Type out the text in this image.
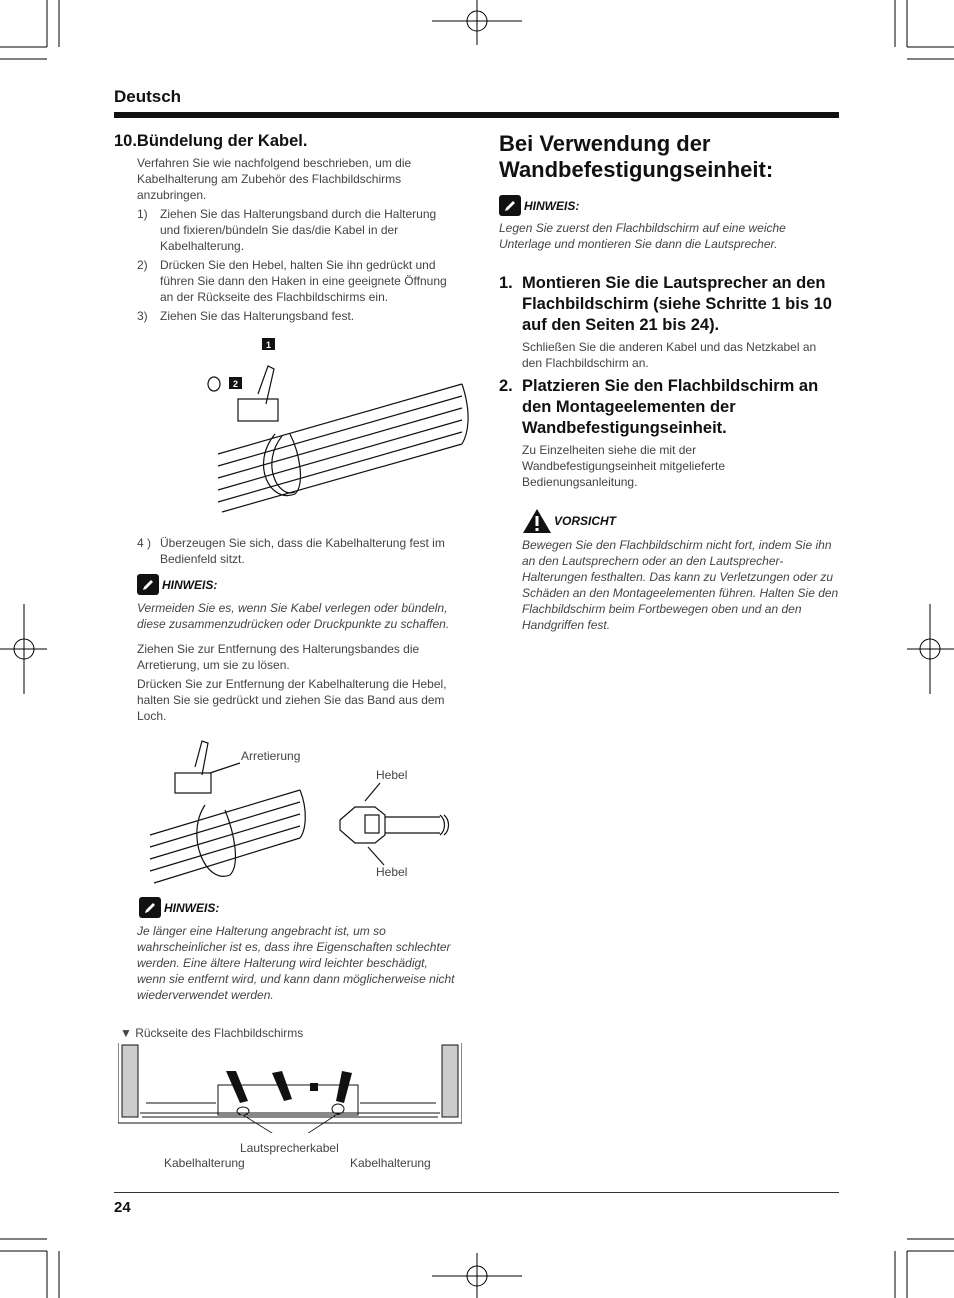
Deutsch
10.Bündelung der Kabel.
Verfahren Sie wie nachfolgend beschrieben, um die Kabelhalterung am Zubehör des Flachbildschirms anzubringen.
1)	Ziehen Sie das Halterungsband durch die Halterung und fixieren/bündeln Sie das/die Kabel in der Kabelhalterung.
2)	Drücken Sie den Hebel, halten Sie ihn gedrückt und führen Sie dann den Haken in eine geeignete Öffnung an der Rückseite des Flachbildschirms ein.
3)	Ziehen Sie das Halterungsband fest.
1
2
4 ) Überzeugen Sie sich, dass die Kabelhalterung fest im Bedienfeld sitzt.
HINWEIS:
Vermeiden Sie es, wenn Sie Kabel verlegen oder bündeln, diese zusammenzudrücken oder Druckpunkte zu schaffen.
Ziehen Sie zur Entfernung des Halterungsbandes die Arretierung, um sie zu lösen.
Drücken Sie zur Entfernung der Kabelhalterung die Hebel, halten Sie sie gedrückt und ziehen Sie das Band aus dem Loch.
Arretierung
Hebel
Hebel
HINWEIS:
Je länger eine Halterung angebracht ist, um so wahrscheinlicher ist es, dass ihre Eigenschaften schlechter werden. Eine ältere Halterung wird leichter beschädigt, wenn sie entfernt wird, und kann dann möglicherweise nicht wiederverwendet werden.
▼ Rückseite des Flachbildschirms
Lautsprecherkabel
Kabelhalterung	Kabelhalterung
Bei Verwendung der Wandbefestigungseinheit:
HINWEIS:
Legen Sie zuerst den Flachbildschirm auf eine weiche Unterlage und montieren Sie dann die Lautsprecher.
1. Montieren Sie die Lautsprecher an den Flachbildschirm (siehe Schritte 1 bis 10 auf den Seiten 21 bis 24).
Schließen Sie die anderen Kabel und das Netzkabel an den Flachbildschirm an.
2. Platzieren Sie den Flachbildschirm an den Montageelementen der Wandbefestigungseinheit.
Zu Einzelheiten siehe die mit der Wandbefestigungseinheit mitgelieferte Bedienungsanleitung.
VORSICHT
Bewegen Sie den Flachbildschirm nicht fort, indem Sie ihn an den Lautsprechern oder an den Lautsprecher-Halterungen festhalten. Das kann zu Verletzungen oder zu Schäden an den Montageelementen führen. Halten Sie den Flachbildschirm beim Fortbewegen oben und an den Handgriffen fest.
24
